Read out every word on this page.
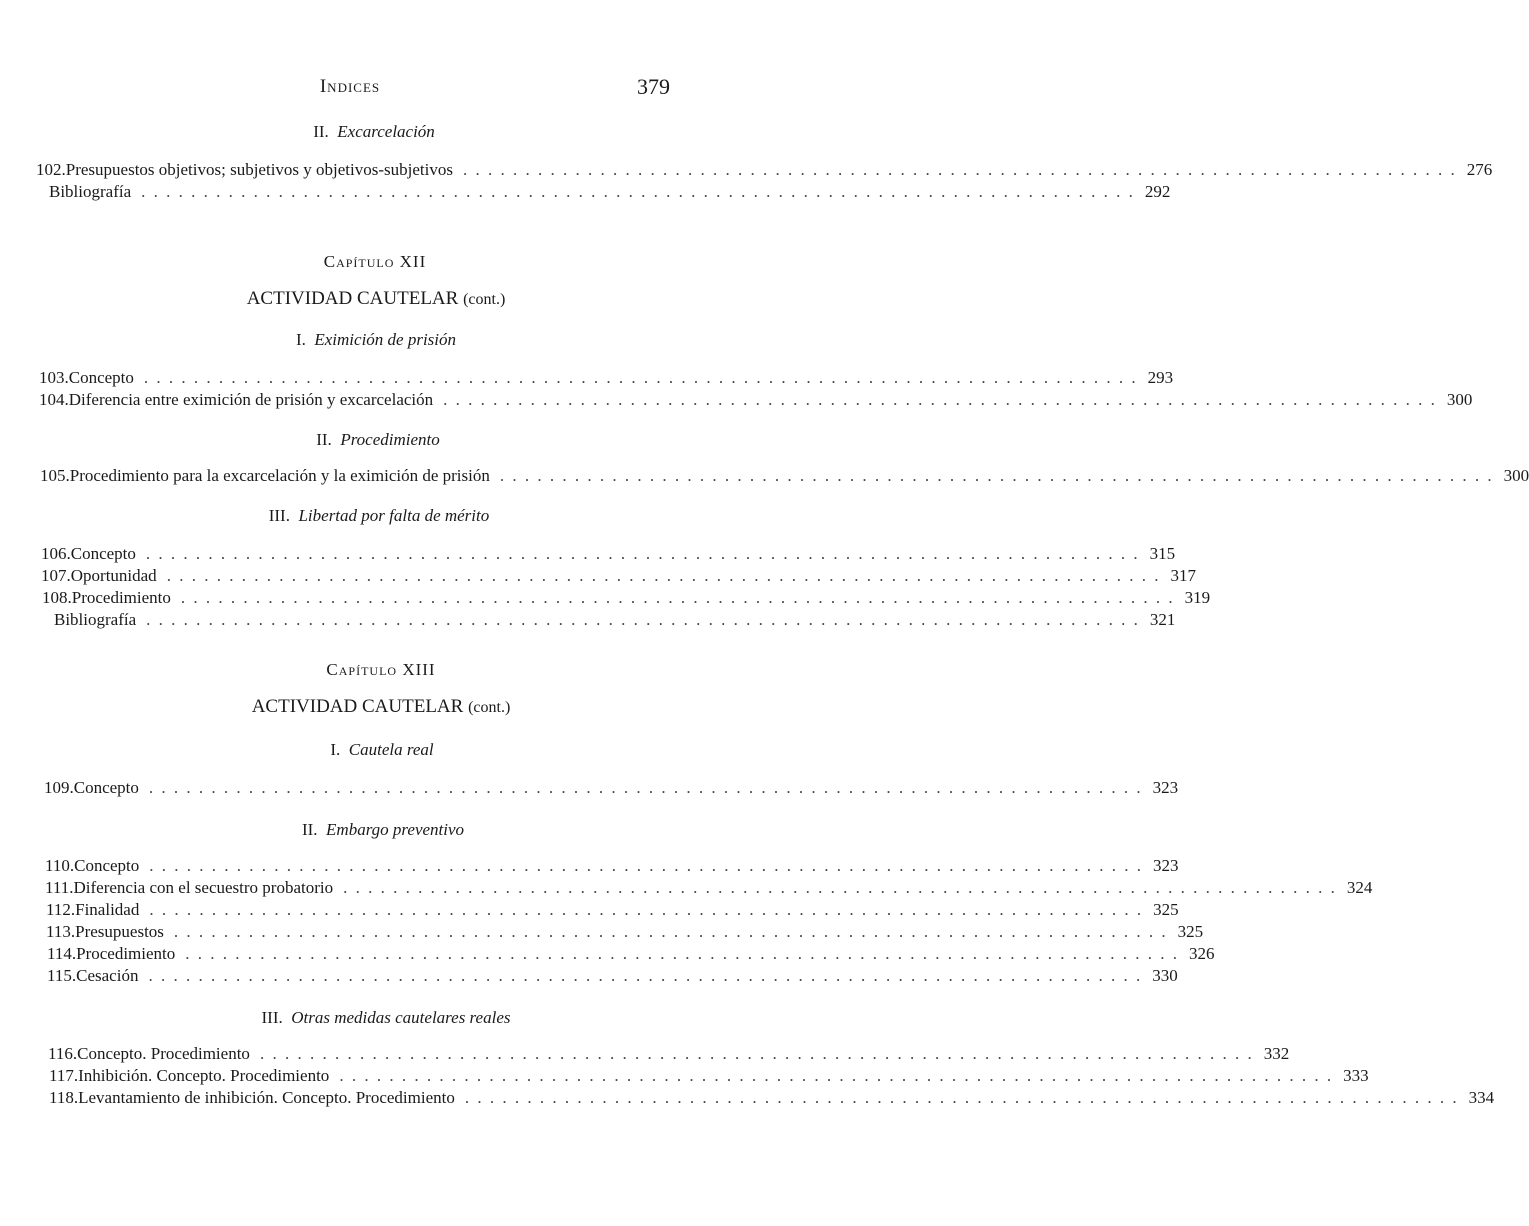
Indices	379
II.  Excarcelación
102. Presupuestos objetivos; subjetivos y objetivos-subjetivos . . . . . . . . . . . . . . . . . . . . . . . . . . . . . . . . . . . . . . . . . . . . . . . . . . . . . . . . . . . . . . . . . . . . . . . . . . . . . . . . 276
Bibliografía . . . . . . . . . . . . . . . . . . . . . . . . . . . . . . . . . . . . . . . . . . . . . . . . . . . . . . . . . . . . . . . . . . . . . . . . . . . . . . . . 292
Capítulo XII
ACTIVIDAD CAUTELAR (cont.)
I.  Eximición de prisión
103. Concepto . . . . . . . . . . . . . . . . . . . . . . . . . . . . . . . . . . . . . . . . . . . . . . . . . . . . . . . . . . . . . . . . . . . . . . . . . . . . . . . . 293
104. Diferencia entre eximición de prisión y excarcelación . . . . . . . . . . . . . . . . . . . . . . . . . . . . . . . . . . . . . . . . . . . . . . . . . . . . . . . . . . . . . . . . . . . . . . . . . . . . . . . . 300
II.  Procedimiento
105. Procedimiento para la excarcelación y la eximición de prisión . . . . . . . . . . . . . . . . . . . . . . . . . . . . . . . . . . . . . . . . . . . . . . . . . . . . . . . . . . . . . . . . . . . . . . . . . . . . . . . . 300
III.  Libertad por falta de mérito
106. Concepto . . . . . . . . . . . . . . . . . . . . . . . . . . . . . . . . . . . . . . . . . . . . . . . . . . . . . . . . . . . . . . . . . . . . . . . . . . . . . . . . 315
107. Oportunidad . . . . . . . . . . . . . . . . . . . . . . . . . . . . . . . . . . . . . . . . . . . . . . . . . . . . . . . . . . . . . . . . . . . . . . . . . . . . . . . . 317
108. Procedimiento . . . . . . . . . . . . . . . . . . . . . . . . . . . . . . . . . . . . . . . . . . . . . . . . . . . . . . . . . . . . . . . . . . . . . . . . . . . . . . . . 319
Bibliografía . . . . . . . . . . . . . . . . . . . . . . . . . . . . . . . . . . . . . . . . . . . . . . . . . . . . . . . . . . . . . . . . . . . . . . . . . . . . . . . . 321
Capítulo XIII
ACTIVIDAD CAUTELAR (cont.)
I.  Cautela real
109. Concepto . . . . . . . . . . . . . . . . . . . . . . . . . . . . . . . . . . . . . . . . . . . . . . . . . . . . . . . . . . . . . . . . . . . . . . . . . . . . . . . . 323
II.  Embargo preventivo
110. Concepto . . . . . . . . . . . . . . . . . . . . . . . . . . . . . . . . . . . . . . . . . . . . . . . . . . . . . . . . . . . . . . . . . . . . . . . . . . . . . . . . 323
111. Diferencia con el secuestro probatorio . . . . . . . . . . . . . . . . . . . . . . . . . . . . . . . . . . . . . . . . . . . . . . . . . . . . . . . . . . . . . . . . . . . . . . . . . . . . . . . . 324
112. Finalidad . . . . . . . . . . . . . . . . . . . . . . . . . . . . . . . . . . . . . . . . . . . . . . . . . . . . . . . . . . . . . . . . . . . . . . . . . . . . . . . . 325
113. Presupuestos . . . . . . . . . . . . . . . . . . . . . . . . . . . . . . . . . . . . . . . . . . . . . . . . . . . . . . . . . . . . . . . . . . . . . . . . . . . . . . . . 325
114. Procedimiento . . . . . . . . . . . . . . . . . . . . . . . . . . . . . . . . . . . . . . . . . . . . . . . . . . . . . . . . . . . . . . . . . . . . . . . . . . . . . . . . 326
115. Cesación . . . . . . . . . . . . . . . . . . . . . . . . . . . . . . . . . . . . . . . . . . . . . . . . . . . . . . . . . . . . . . . . . . . . . . . . . . . . . . . . 330
III.  Otras medidas cautelares reales
116. Concepto. Procedimiento . . . . . . . . . . . . . . . . . . . . . . . . . . . . . . . . . . . . . . . . . . . . . . . . . . . . . . . . . . . . . . . . . . . . . . . . . . . . . . . . 332
117. Inhibición. Concepto. Procedimiento . . . . . . . . . . . . . . . . . . . . . . . . . . . . . . . . . . . . . . . . . . . . . . . . . . . . . . . . . . . . . . . . . . . . . . . . . . . . . . . . 333
118. Levantamiento de inhibición. Concepto. Procedimiento . . . . . . . . . . . . . . . . . . . . . . . . . . . . . . . . . . . . . . . . . . . . . . . . . . . . . . . . . . . . . . . . . . . . . . . . . . . . . . . . 334
